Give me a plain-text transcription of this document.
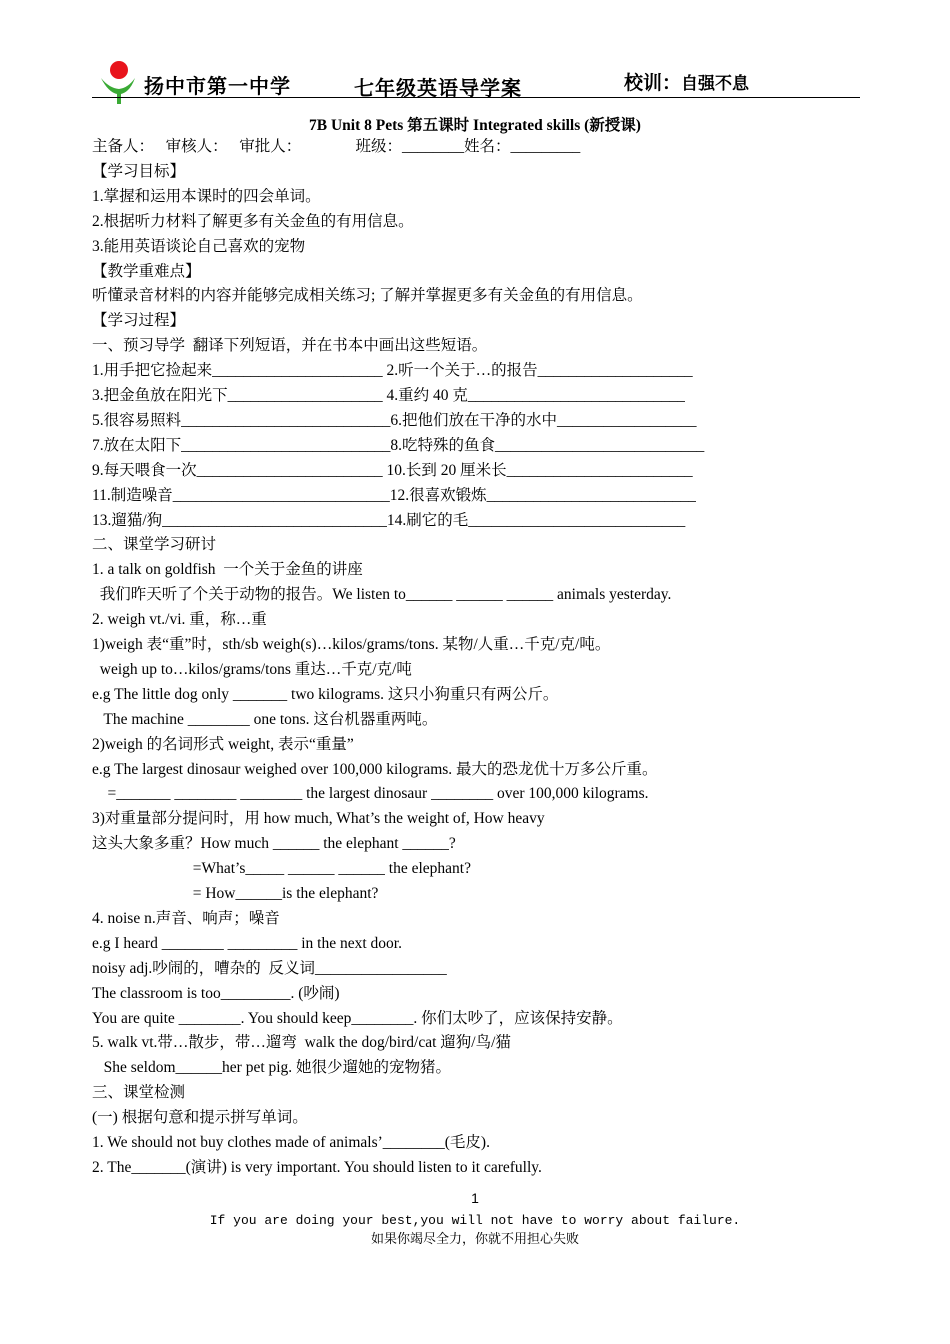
扬中市第一中学	七年级英语导学案	校训：自强不息
7B Unit 8 Pets 第五课时 Integrated skills (新授课)
主备人：   审核人：   审批人：              班级：________姓名：_________
【学习目标】
1.掌握和运用本课时的四会单词。
2.根据听力材料了解更多有关金鱼的有用信息。
3.能用英语谈论自己喜欢的宠物
【教学重难点】
听懂录音材料的内容并能够完成相关练习; 了解并掌握更多有关金鱼的有用信息。
【学习过程】
一、预习导学  翻译下列短语，并在书本中画出这些短语。
1.用手把它捡起来______________________ 2.听一个关于…的报告____________________
3.把金鱼放在阳光下____________________ 4.重约 40 克____________________________
5.很容易照料___________________________6.把他们放在干净的水中__________________
7.放在太阳下___________________________8.吃特殊的鱼食___________________________
9.每天喂食一次________________________ 10.长到 20 厘米长________________________
11.制造噪音____________________________12.很喜欢锻炼___________________________
13.遛猫/狗_____________________________14.刷它的毛____________________________
二、课堂学习研讨
1. a talk on goldfish  一个关于金鱼的讲座
我们昨天听了个关于动物的报告。We listen to______ ______ ______ animals yesterday.
2. weigh vt./vi. 重，称…重
1)weigh 表“重”时，sth/sb weigh(s)…kilos/grams/tons. 某物/人重…千克/克/吨。
weigh up to…kilos/grams/tons 重达…千克/克/吨
e.g The little dog only _______ two kilograms. 这只小狗重只有两公斤。
The machine ________ one tons. 这台机器重两吨。
2)weigh 的名词形式 weight, 表示“重量”
e.g The largest dinosaur weighed over 100,000 kilograms. 最大的恐龙优十万多公斤重。
=_______ ________ ________ the largest dinosaur ________ over 100,000 kilograms.
3)对重量部分提问时，用 how much, What’s the weight of, How heavy
这头大象多重？How much ______ the elephant ______?
=What’s_____ ______ ______ the elephant?
= How______is the elephant?
4. noise n.声音、响声；噪音
e.g I heard ________ _________ in the next door.
noisy adj.吵闹的，嘈杂的  反义词_________________
The classroom is too_________. (吵闹)
You are quite ________. You should keep________. 你们太吵了，应该保持安静。
5. walk vt.带…散步，带…遛弯  walk the dog/bird/cat 遛狗/鸟/猫
She seldom______her pet pig. 她很少遛她的宠物猪。
三、课堂检测
(一) 根据句意和提示拼写单词。
1. We should not buy clothes made of animals’________(毛皮).
2. The_______(演讲) is very important. You should listen to it carefully.
1
If you are doing your best,you will not have to worry about failure.
如果你竭尽全力，你就不用担心失败
